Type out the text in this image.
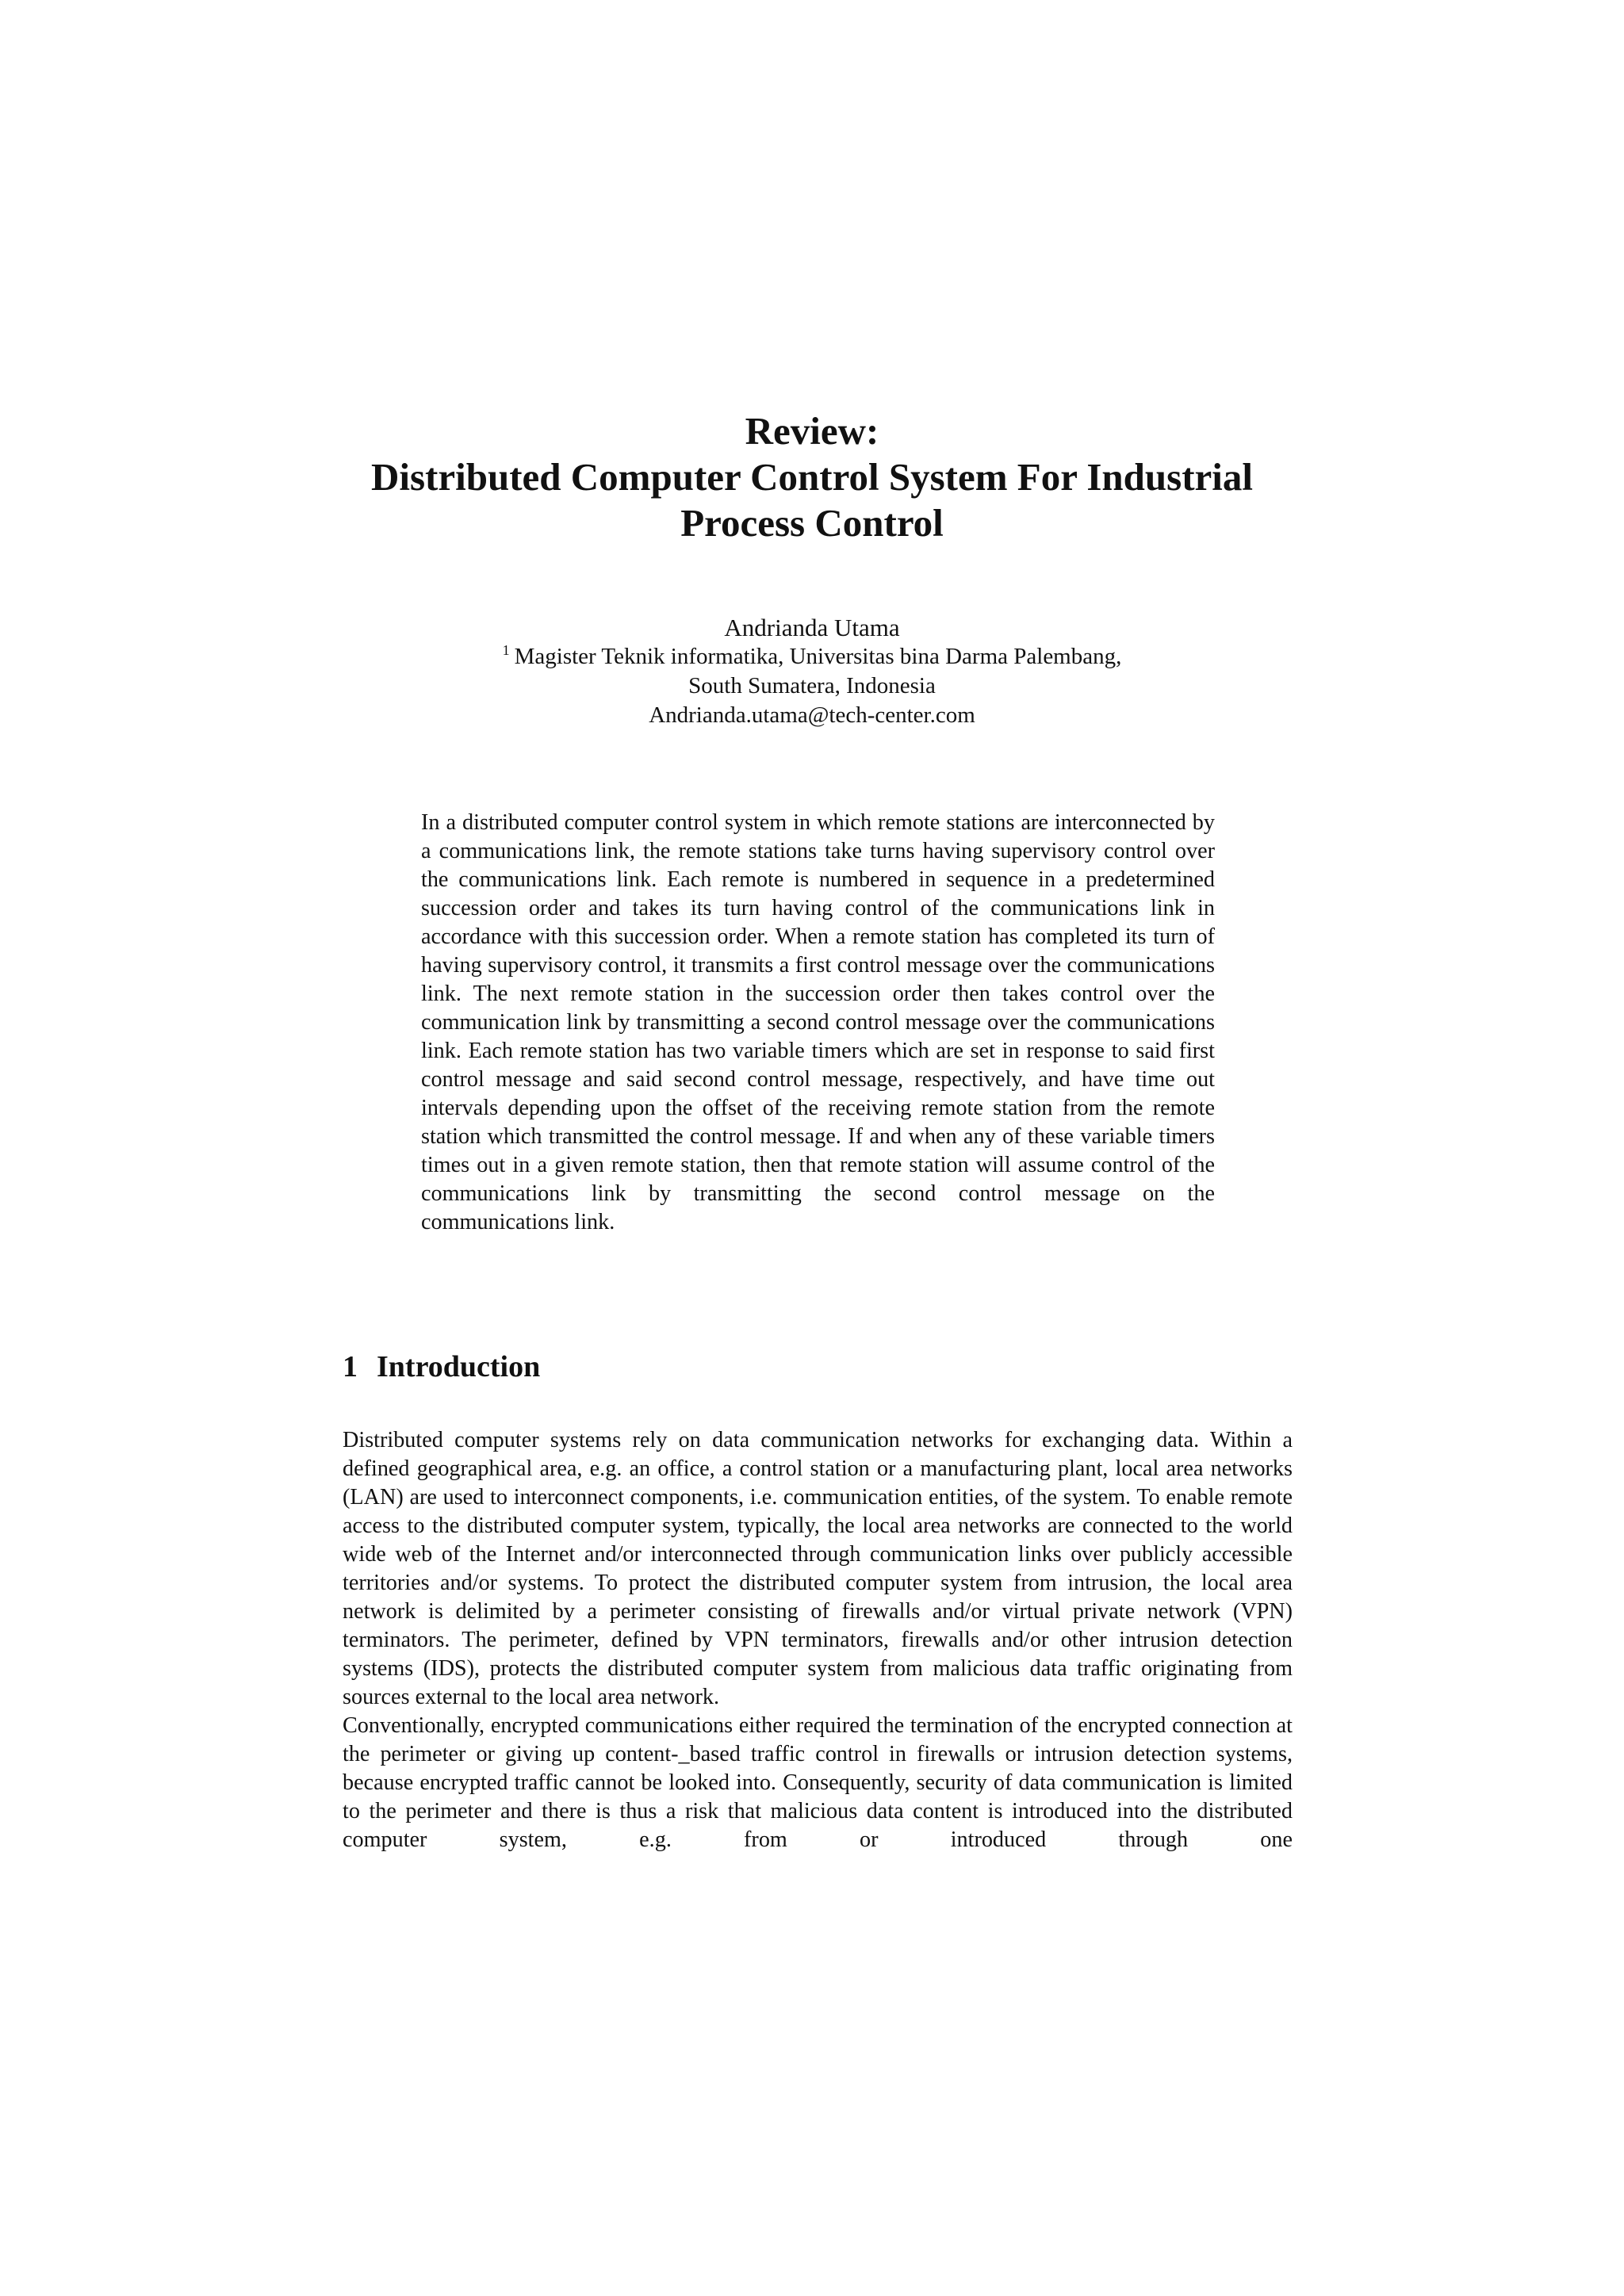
Review:
Distributed Computer Control System For Industrial
Process Control
Andrianda Utama
$^1$ Magister Teknik informatika, Universitas bina Darma Palembang,
South Sumatera, Indonesia
Andrianda.utama@tech-center.com

In a distributed computer control system in which remote stations are interconnected by a communications link, the remote stations take turns having supervisory control over the communications link. Each remote is numbered in sequence in a predetermined succession order and takes its turn having control of the communications link in accordance with this succession order. When a remote station has completed its turn of having supervisory control, it transmits a first control message over the communications link. The next remote station in the succession order then takes control over the communication link by transmitting a second control message over the communications link. Each remote station has two variable timers which are set in response to said first control message and said second control message, respectively, and have time out intervals depending upon the offset of the receiving remote station from the remote station which transmitted the control message. If and when any of these variable timers times out in a given remote station, then that remote station will assume control of the communications link by transmitting the second control message on the communications link.

1 Introduction

Distributed computer systems rely on data communication networks for exchanging data. Within a defined geographical area, e.g. an office, a control station or a manufacturing plant, local area networks (LAN) are used to interconnect components, i.e. communication entities, of the system. To enable remote access to the distributed computer system, typically, the local area networks are connected to the world wide web of the Internet and/or interconnected through communication links over publicly accessible territories and/or systems. To protect the distributed computer system from intrusion, the local area network is delimited by a perimeter consisting of firewalls and/or virtual private network (VPN) terminators. The perimeter, defined by VPN terminators, firewalls and/or other intrusion detection systems (IDS), protects the distributed computer system from malicious data traffic originating from sources external to the local area network.

Conventionally, encrypted communications either required the termination of the encrypted connection at the perimeter or giving up content-_based traffic control in firewalls or intrusion detection systems, because encrypted traffic cannot be looked into. Consequently, security of data communication is limited to the perimeter and there is thus a risk that malicious data content is introduced into the distributed computer system, e.g. from or introduced through one
